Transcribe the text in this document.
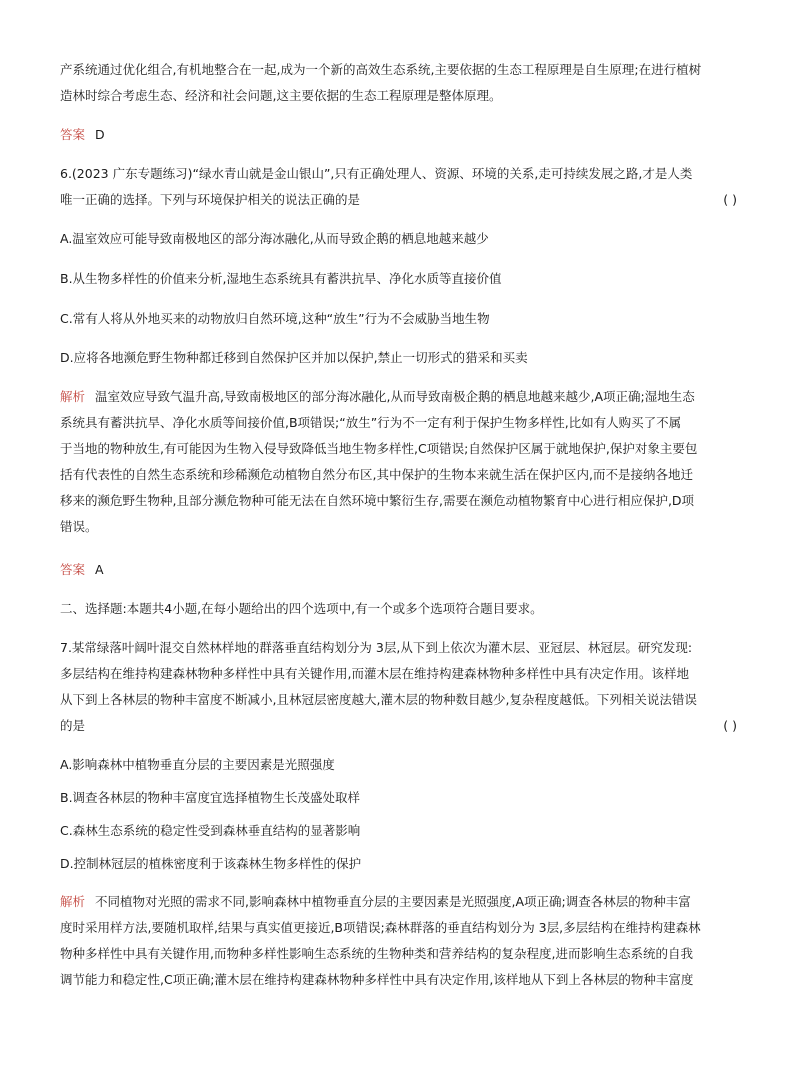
产系统通过优化组合,有机地整合在一起,成为一个新的高效生态系统,主要依据的生态工程原理是自生原理;在进行植树
造林时综合考虑生态、经济和社会问题,这主要依据的生态工程原理是整体原理。
答案 D
6.(2023 广东专题练习)“绿水青山就是金山银山”,只有正确处理人、资源、环境的关系,走可持续发展之路,才是人类
唯一正确的选择。下列与环境保护相关的说法正确的是	( )
A.温室效应可能导致南极地区的部分海冰融化,从而导致企鹅的栖息地越来越少
B.从生物多样性的价值来分析,湿地生态系统具有蓄洪抗旱、净化水质等直接价值
C.常有人将从外地买来的动物放归自然环境,这种“放生”行为不会威胁当地生物
D.应将各地濒危野生物种都迁移到自然保护区并加以保护,禁止一切形式的猎采和买卖
解析 温室效应导致气温升高,导致南极地区的部分海冰融化,从而导致南极企鹅的栖息地越来越少,A项正确;湿地生态
系统具有蓄洪抗旱、净化水质等间接价值,B项错误;“放生”行为不一定有利于保护生物多样性,比如有人购买了不属
于当地的物种放生,有可能因为生物入侵导致降低当地生物多样性,C项错误;自然保护区属于就地保护,保护对象主要包
括有代表性的自然生态系统和珍稀濒危动植物自然分布区,其中保护的生物本来就生活在保护区内,而不是接纳各地迁
移来的濒危野生物种,且部分濒危物种可能无法在自然环境中繁衍生存,需要在濒危动植物繁育中心进行相应保护,D项
错误。
答案 A
二、选择题:本题共4小题,在每小题给出的四个选项中,有一个或多个选项符合题目要求。
7.某常绿落叶阔叶混交自然林样地的群落垂直结构划分为 3层,从下到上依次为灌木层、亚冠层、林冠层。研究发现:
多层结构在维持构建森林物种多样性中具有关键作用,而灌木层在维持构建森林物种多样性中具有决定作用。该样地
从下到上各林层的物种丰富度不断减小,且林冠层密度越大,灌木层的物种数目越少,复杂程度越低。下列相关说法错误
的是	( )
A.影响森林中植物垂直分层的主要因素是光照强度
B.调查各林层的物种丰富度宜选择植物生长茂盛处取样
C.森林生态系统的稳定性受到森林垂直结构的显著影响
D.控制林冠层的植株密度利于该森林生物多样性的保护
解析 不同植物对光照的需求不同,影响森林中植物垂直分层的主要因素是光照强度,A项正确;调查各林层的物种丰富
度时采用样方法,要随机取样,结果与真实值更接近,B项错误;森林群落的垂直结构划分为 3层,多层结构在维持构建森林
物种多样性中具有关键作用,而物种多样性影响生态系统的生物种类和营养结构的复杂程度,进而影响生态系统的自我
调节能力和稳定性,C项正确;灌木层在维持构建森林物种多样性中具有决定作用,该样地从下到上各林层的物种丰富度
